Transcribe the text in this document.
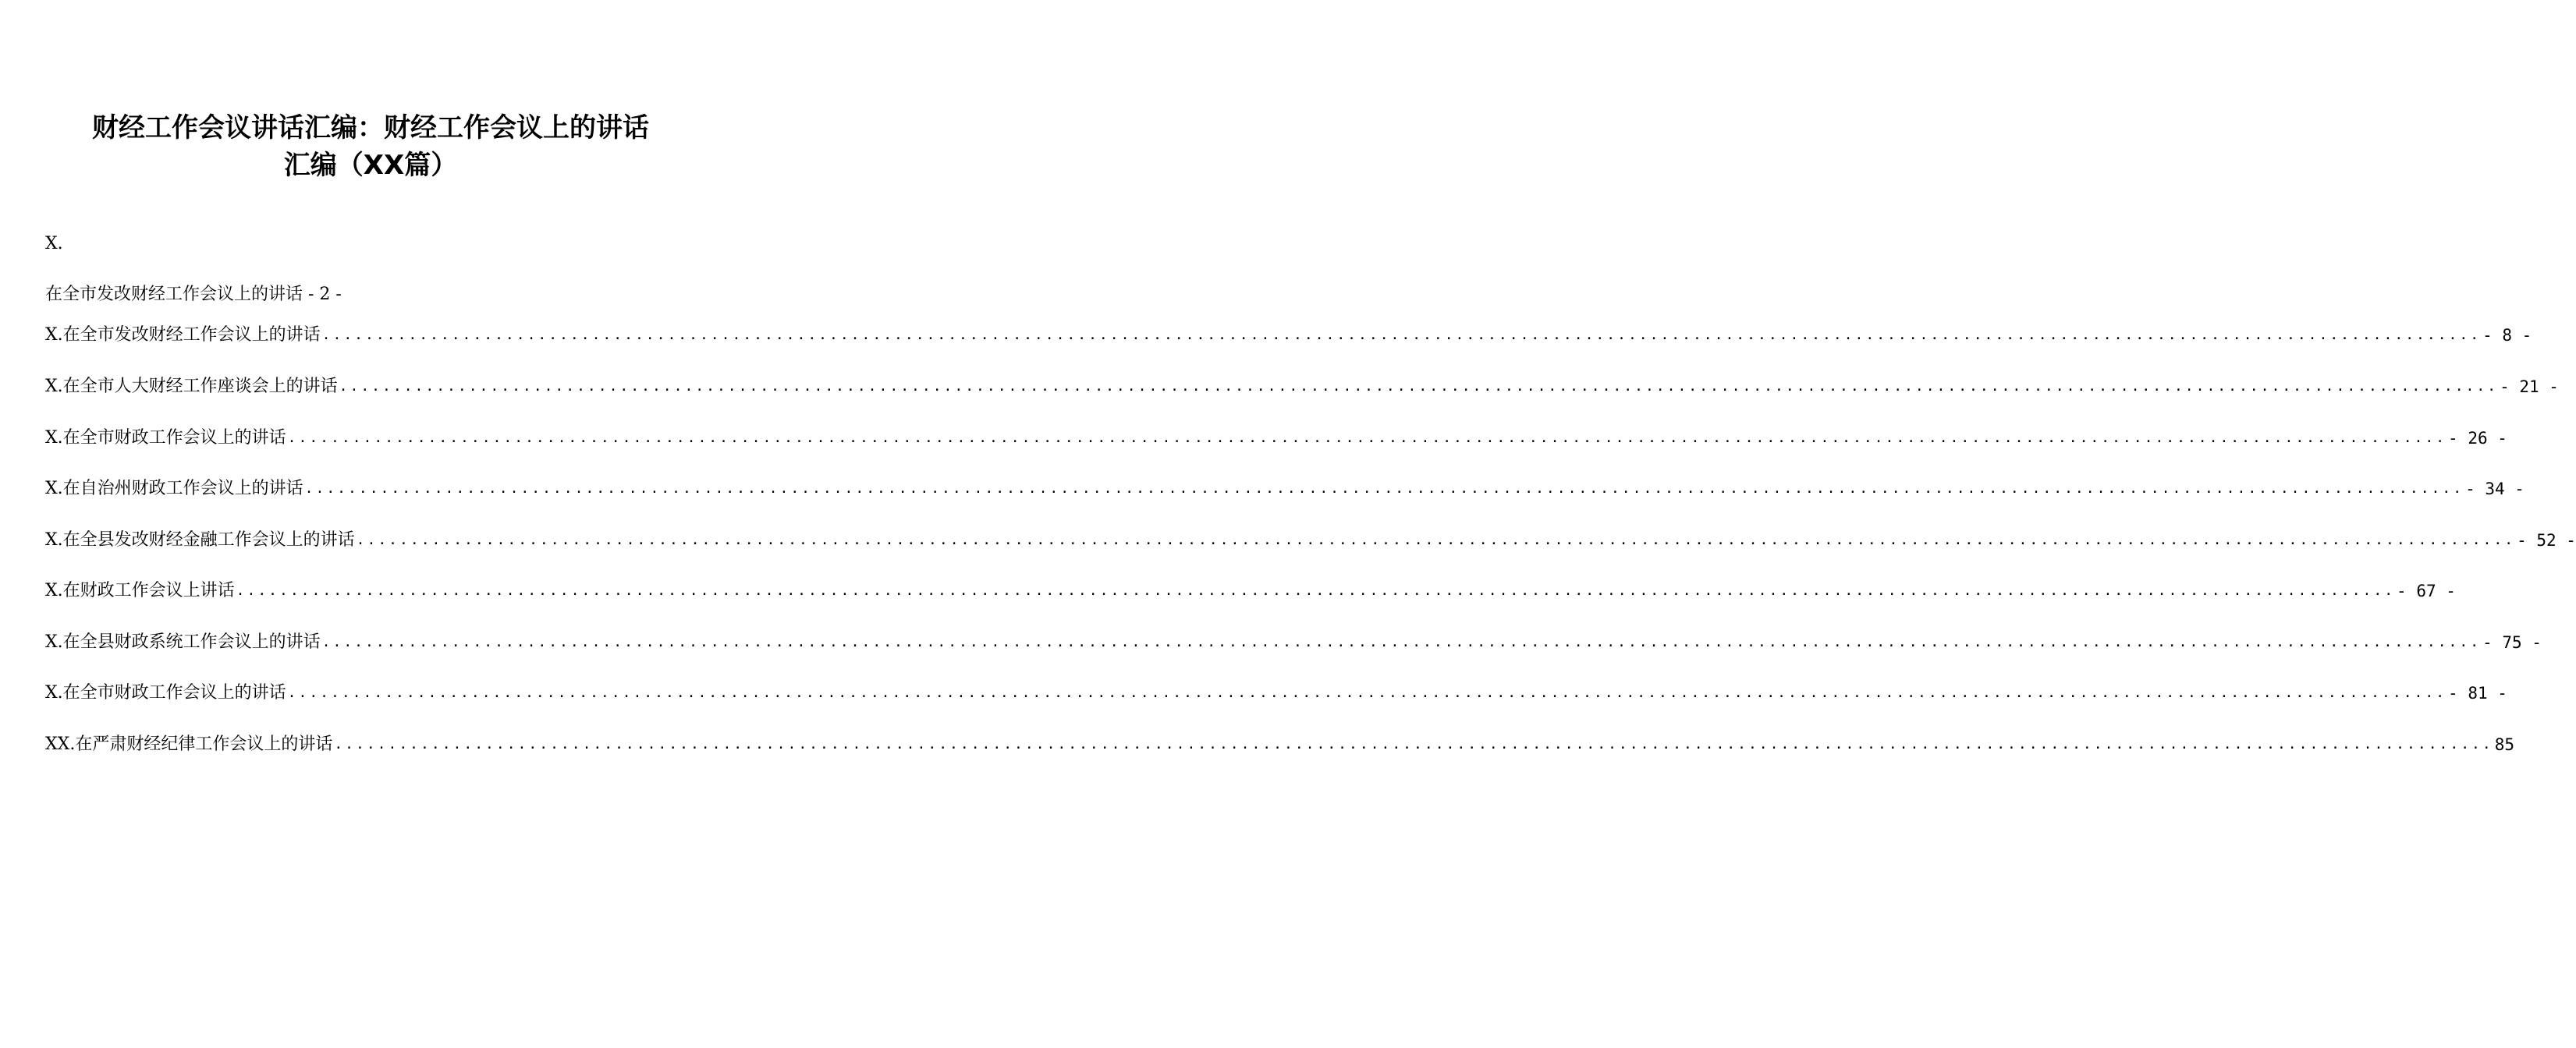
财经工作会议讲话汇编：财经工作会议上的讲话
汇编（XX篇）
X.
在全市发改财经工作会议上的讲话 - 2 -
X.在全市发改财经工作会议上的讲话 ........................................................................................................................................................................................................ - 8 -
X.在全市人大财经工作座谈会上的讲话 ........................................................................................................................................................................................................ - 21 -
X.在全市财政工作会议上的讲话 ........................................................................................................................................................................................................ - 26 -
X.在自治州财政工作会议上的讲话 ........................................................................................................................................................................................................ - 34 -
X.在全县发改财经金融工作会议上的讲话 ........................................................................................................................................................................................................ - 52 -
X.在财政工作会议上讲话 ........................................................................................................................................................................................................ - 67 -
X.在全县财政系统工作会议上的讲话 ........................................................................................................................................................................................................ - 75 -
X.在全市财政工作会议上的讲话 ........................................................................................................................................................................................................ - 81 -
XX.在严肃财经纪律工作会议上的讲话 ........................................................................................................................................................................................................ 85
